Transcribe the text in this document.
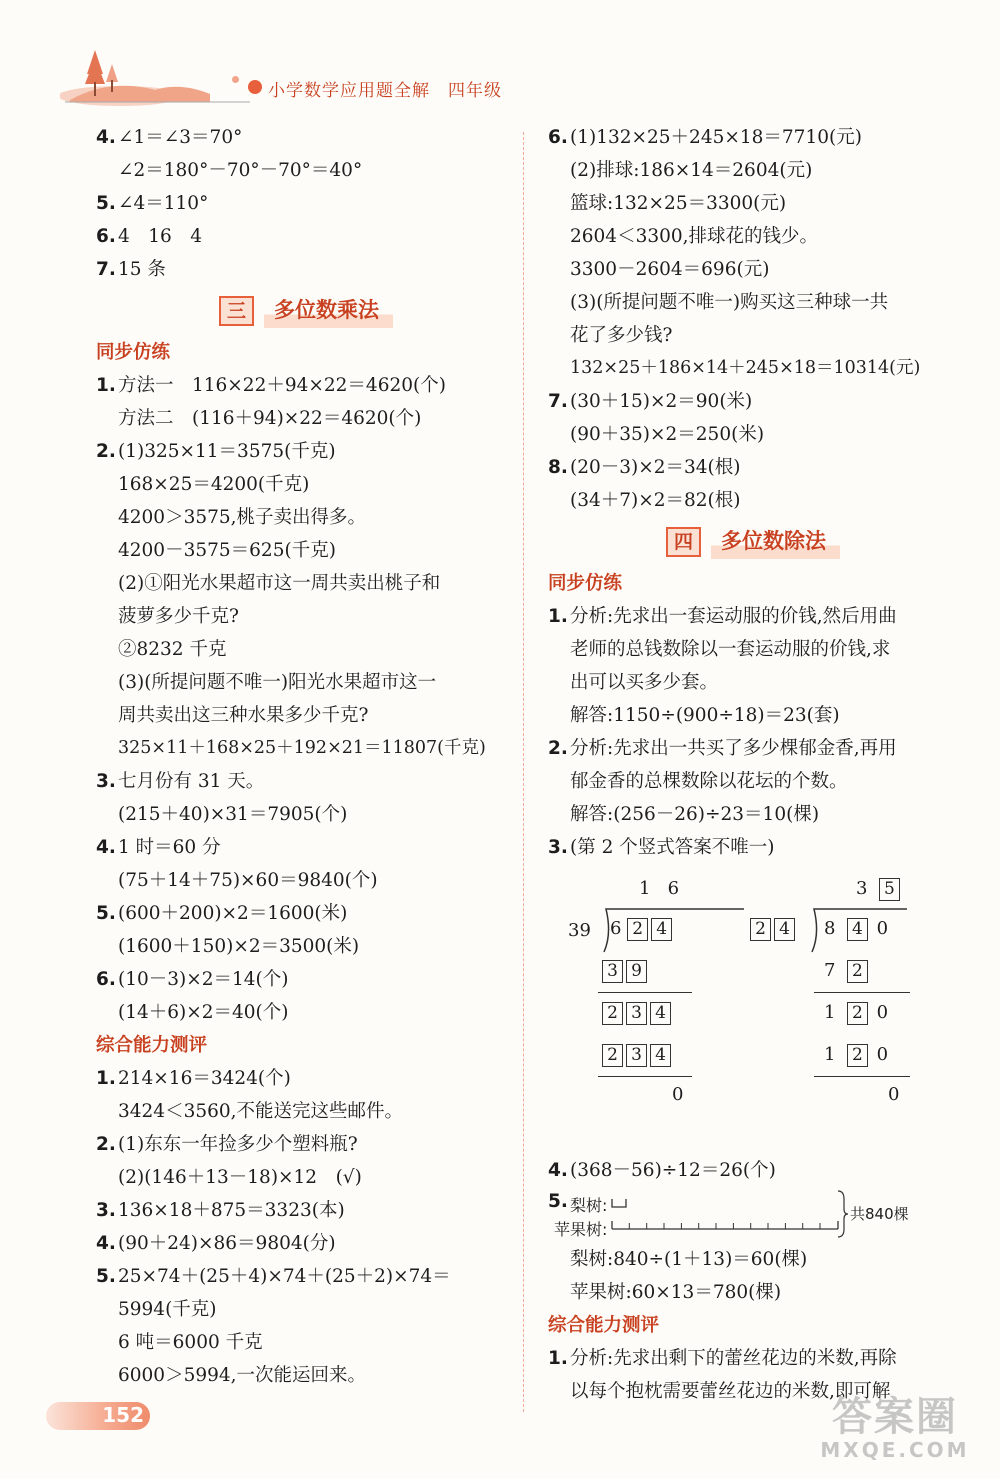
小学数学应用题全解　 四年级
4. ∠1＝∠3＝70°
∠2＝180°－70°－70°＝40°
5. ∠4＝110°
6. 4　16　4
7. 15 条
三	多位数乘法
同步仿练
1. 方法一　116×22＋94×22＝4620(个)
方法二　(116＋94)×22＝4620(个)
2. (1)325×11＝3575(千克)
168×25＝4200(千克)
4200＞3575,桃子卖出得多。
4200－3575＝625(千克)
(2)①阳光水果超市这一周共卖出桃子和
菠萝多少千克?
②8232 千克
(3)(所提问题不唯一)阳光水果超市这一
周共卖出这三种水果多少千克?
325×11＋168×25＋192×21＝11807(千克)
3. 七月份有 31 天。
(215＋40)×31＝7905(个)
4. 1 时＝60 分
(75＋14＋75)×60＝9840(个)
5. (600＋200)×2＝1600(米)
(1600＋150)×2＝3500(米)
6. (10－3)×2＝14(个)
(14＋6)×2＝40(个)
综合能力测评
1. 214×16＝3424(个)
3424＜3560,不能送完这些邮件。
2. (1)东东一年捡多少个塑料瓶?
(2)(146＋13－18)×12　(√)
3. 136×18＋875＝3323(本)
4. (90＋24)×86＝9804(分)
5. 25×74＋(25＋4)×74＋(25＋2)×74＝
5994(千克)
6 吨＝6000 千克
6000＞5994,一次能运回来。
6. (1)132×25＋245×18＝7710(元)
(2)排球:186×14＝2604(元)
篮球:132×25＝3300(元)
2604＜3300,排球花的钱少。
3300－2604＝696(元)
(3)(所提问题不唯一)购买这三种球一共
花了多少钱?
132×25＋186×14＋245×18＝10314(元)
7. (30＋15)×2＝90(米)
(90＋35)×2＝250(米)
8. (20－3)×2＝34(根)
(34＋7)×2＝82(根)
四	多位数除法
同步仿练
1. 分析:先求出一套运动服的价钱,然后用曲
老师的总钱数除以一套运动服的价钱,求
出可以买多少套。
解答:1150÷(900÷18)＝23(套)
2. 分析:先求出一共买了多少棵郁金香,再用
郁金香的总棵数除以花坛的个数。
解答:(256－26)÷23＝10(棵)
3. (第 2 个竖式答案不唯一)
1 6
39 6 2 4
3 9
2 3 4
2 3 4
0
3 5
2 4	8 4 0
7 2
1 2 0
1 2 0
0
4. (368－56)÷12＝26(个)
5. 梨树:
苹果树:
共840棵
梨树:840÷(1＋13)＝60(棵)
苹果树:60×13＝780(棵)
综合能力测评
1. 分析:先求出剩下的蕾丝花边的米数,再除
以每个抱枕需要蕾丝花边的米数,即可解
152	答案圈
MXQE.COM
